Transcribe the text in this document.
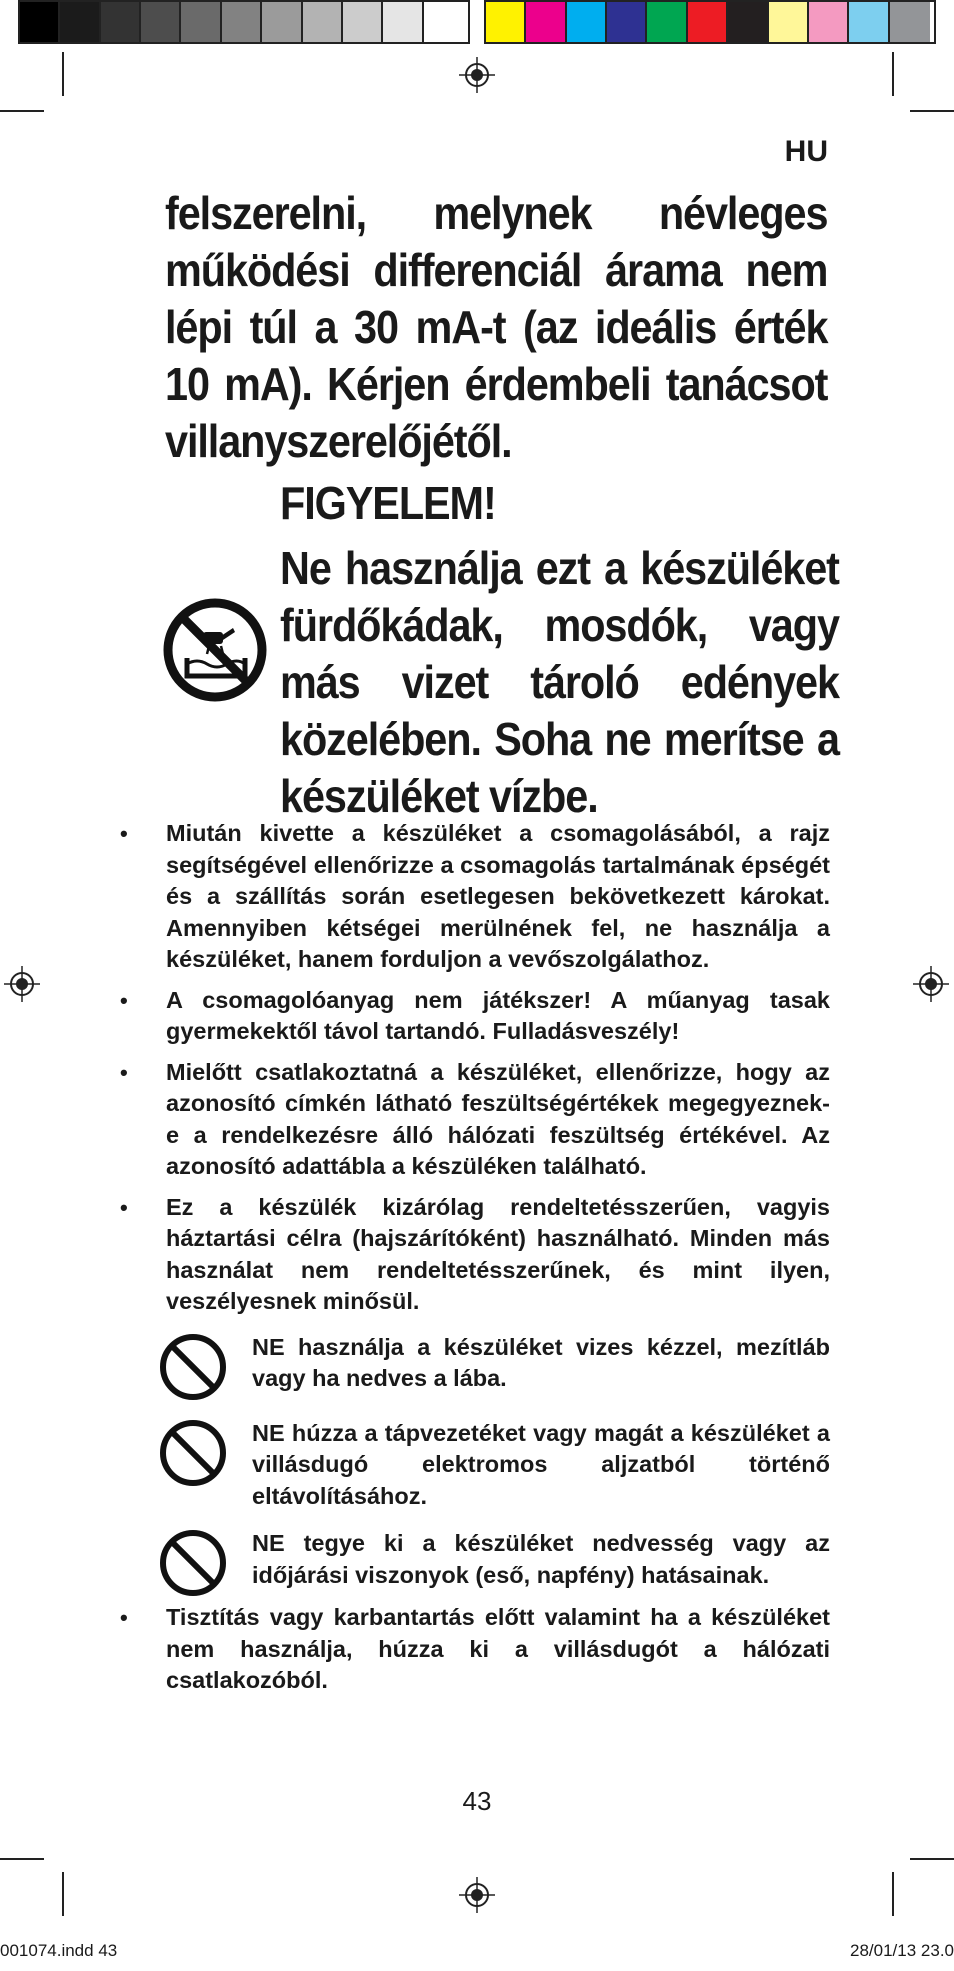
HU
felszerelni, melynek névleges működési differenciál árama nem lépi túl a 30 mA-t (az ideális érték 10 mA). Kérjen érdembeli tanácsot villanyszerelőjétől.
FIGYELEM!
Ne használja ezt a készüléket fürdőkádak, mosdók, vagy más vizet tároló edények közelében. Soha ne merítse a készüléket vízbe.
•	Miután kivette a készüléket a csomagolásából, a rajz segítségével ellenőrizze a csomagolás tartalmának épségét és a szállítás során esetlegesen bekövetkezett károkat. Amennyiben kétségei merülnének fel, ne használja a készüléket, hanem forduljon a vevőszolgálathoz.
•	A csomagolóanyag nem játékszer! A műanyag tasak gyermekektől távol tartandó. Fulladásveszély!
•	Mielőtt csatlakoztatná a készüléket, ellenőrizze, hogy az azonosító címkén látható feszültségértékek megegyeznek-e a rendelkezésre álló hálózati feszültség értékével. Az azonosító adattábla a készüléken található.
•	Ez a készülék kizárólag rendeltetésszerűen, vagyis háztartási célra (hajszárítóként) használható. Minden más használat nem rendeltetésszerűnek, és mint ilyen, veszélyesnek minősül.
NE használja a készüléket vizes kézzel, mezítláb vagy ha nedves a lába.
NE húzza a tápvezetéket vagy magát a készüléket a villásdugó elektromos aljzatból történő eltávolításához.
NE tegye ki a készüléket nedvesség vagy az időjárási viszonyok (eső, napfény) hatásainak.
•	Tisztítás vagy karbantartás előtt valamint ha a készüléket nem használja, húzza ki a villásdugót a hálózati csatlakozóból.
43
001074.indd 43	28/01/13 23.0
